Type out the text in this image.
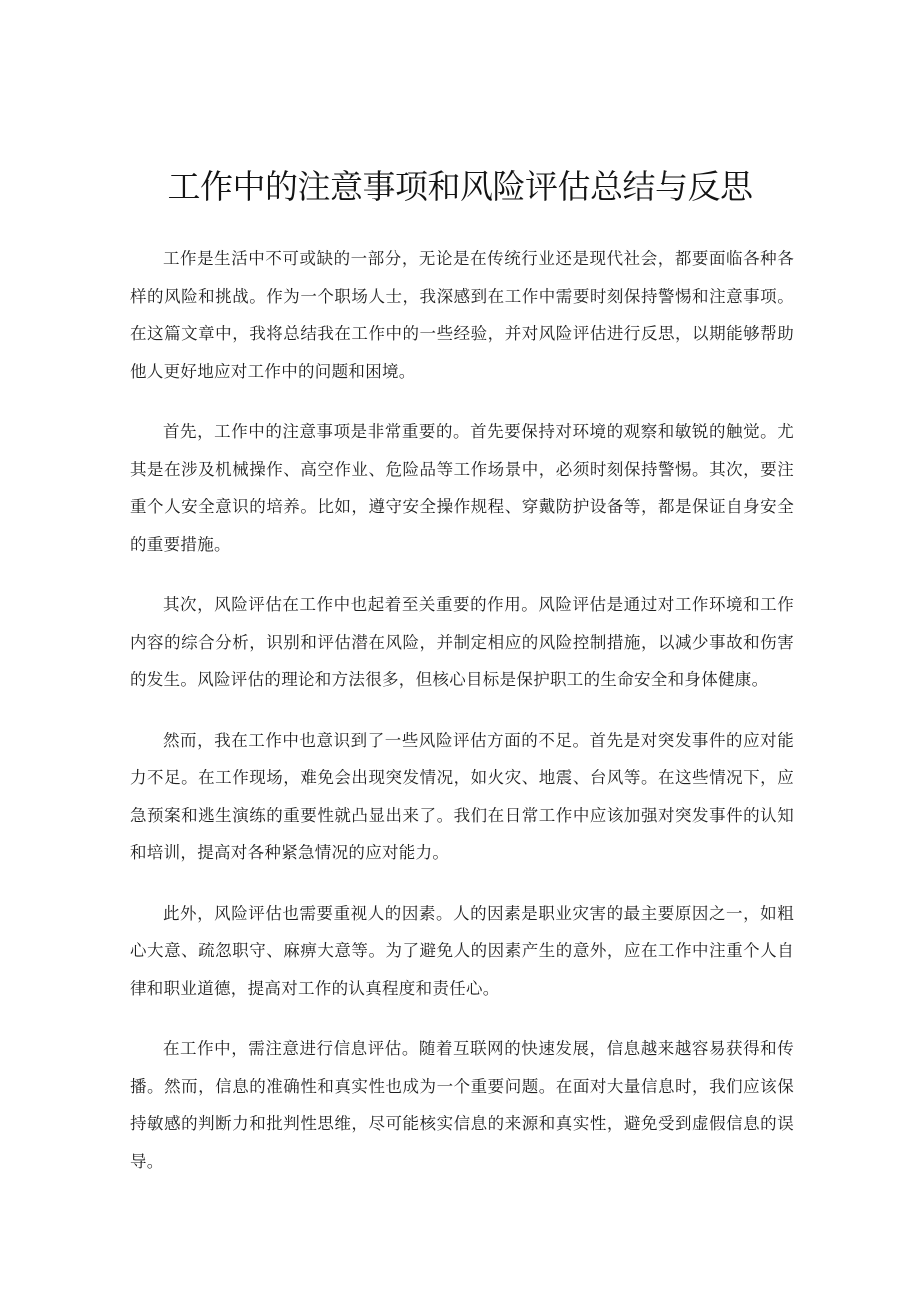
工作中的注意事项和风险评估总结与反思

工作是生活中不可或缺的一部分，无论是在传统行业还是现代社会，都要面临各种各样的风险和挑战。作为一个职场人士，我深感到在工作中需要时刻保持警惕和注意事项。在这篇文章中，我将总结我在工作中的一些经验，并对风险评估进行反思，以期能够帮助他人更好地应对工作中的问题和困境。

首先，工作中的注意事项是非常重要的。首先要保持对环境的观察和敏锐的触觉。尤其是在涉及机械操作、高空作业、危险品等工作场景中，必须时刻保持警惕。其次，要注重个人安全意识的培养。比如，遵守安全操作规程、穿戴防护设备等，都是保证自身安全的重要措施。

其次，风险评估在工作中也起着至关重要的作用。风险评估是通过对工作环境和工作内容的综合分析，识别和评估潜在风险，并制定相应的风险控制措施，以减少事故和伤害的发生。风险评估的理论和方法很多，但核心目标是保护职工的生命安全和身体健康。

然而，我在工作中也意识到了一些风险评估方面的不足。首先是对突发事件的应对能力不足。在工作现场，难免会出现突发情况，如火灾、地震、台风等。在这些情况下，应急预案和逃生演练的重要性就凸显出来了。我们在日常工作中应该加强对突发事件的认知和培训，提高对各种紧急情况的应对能力。

此外，风险评估也需要重视人的因素。人的因素是职业灾害的最主要原因之一，如粗心大意、疏忽职守、麻痹大意等。为了避免人的因素产生的意外，应在工作中注重个人自律和职业道德，提高对工作的认真程度和责任心。

在工作中，需注意进行信息评估。随着互联网的快速发展，信息越来越容易获得和传播。然而，信息的准确性和真实性也成为一个重要问题。在面对大量信息时，我们应该保持敏感的判断力和批判性思维，尽可能核实信息的来源和真实性，避免受到虚假信息的误导。
